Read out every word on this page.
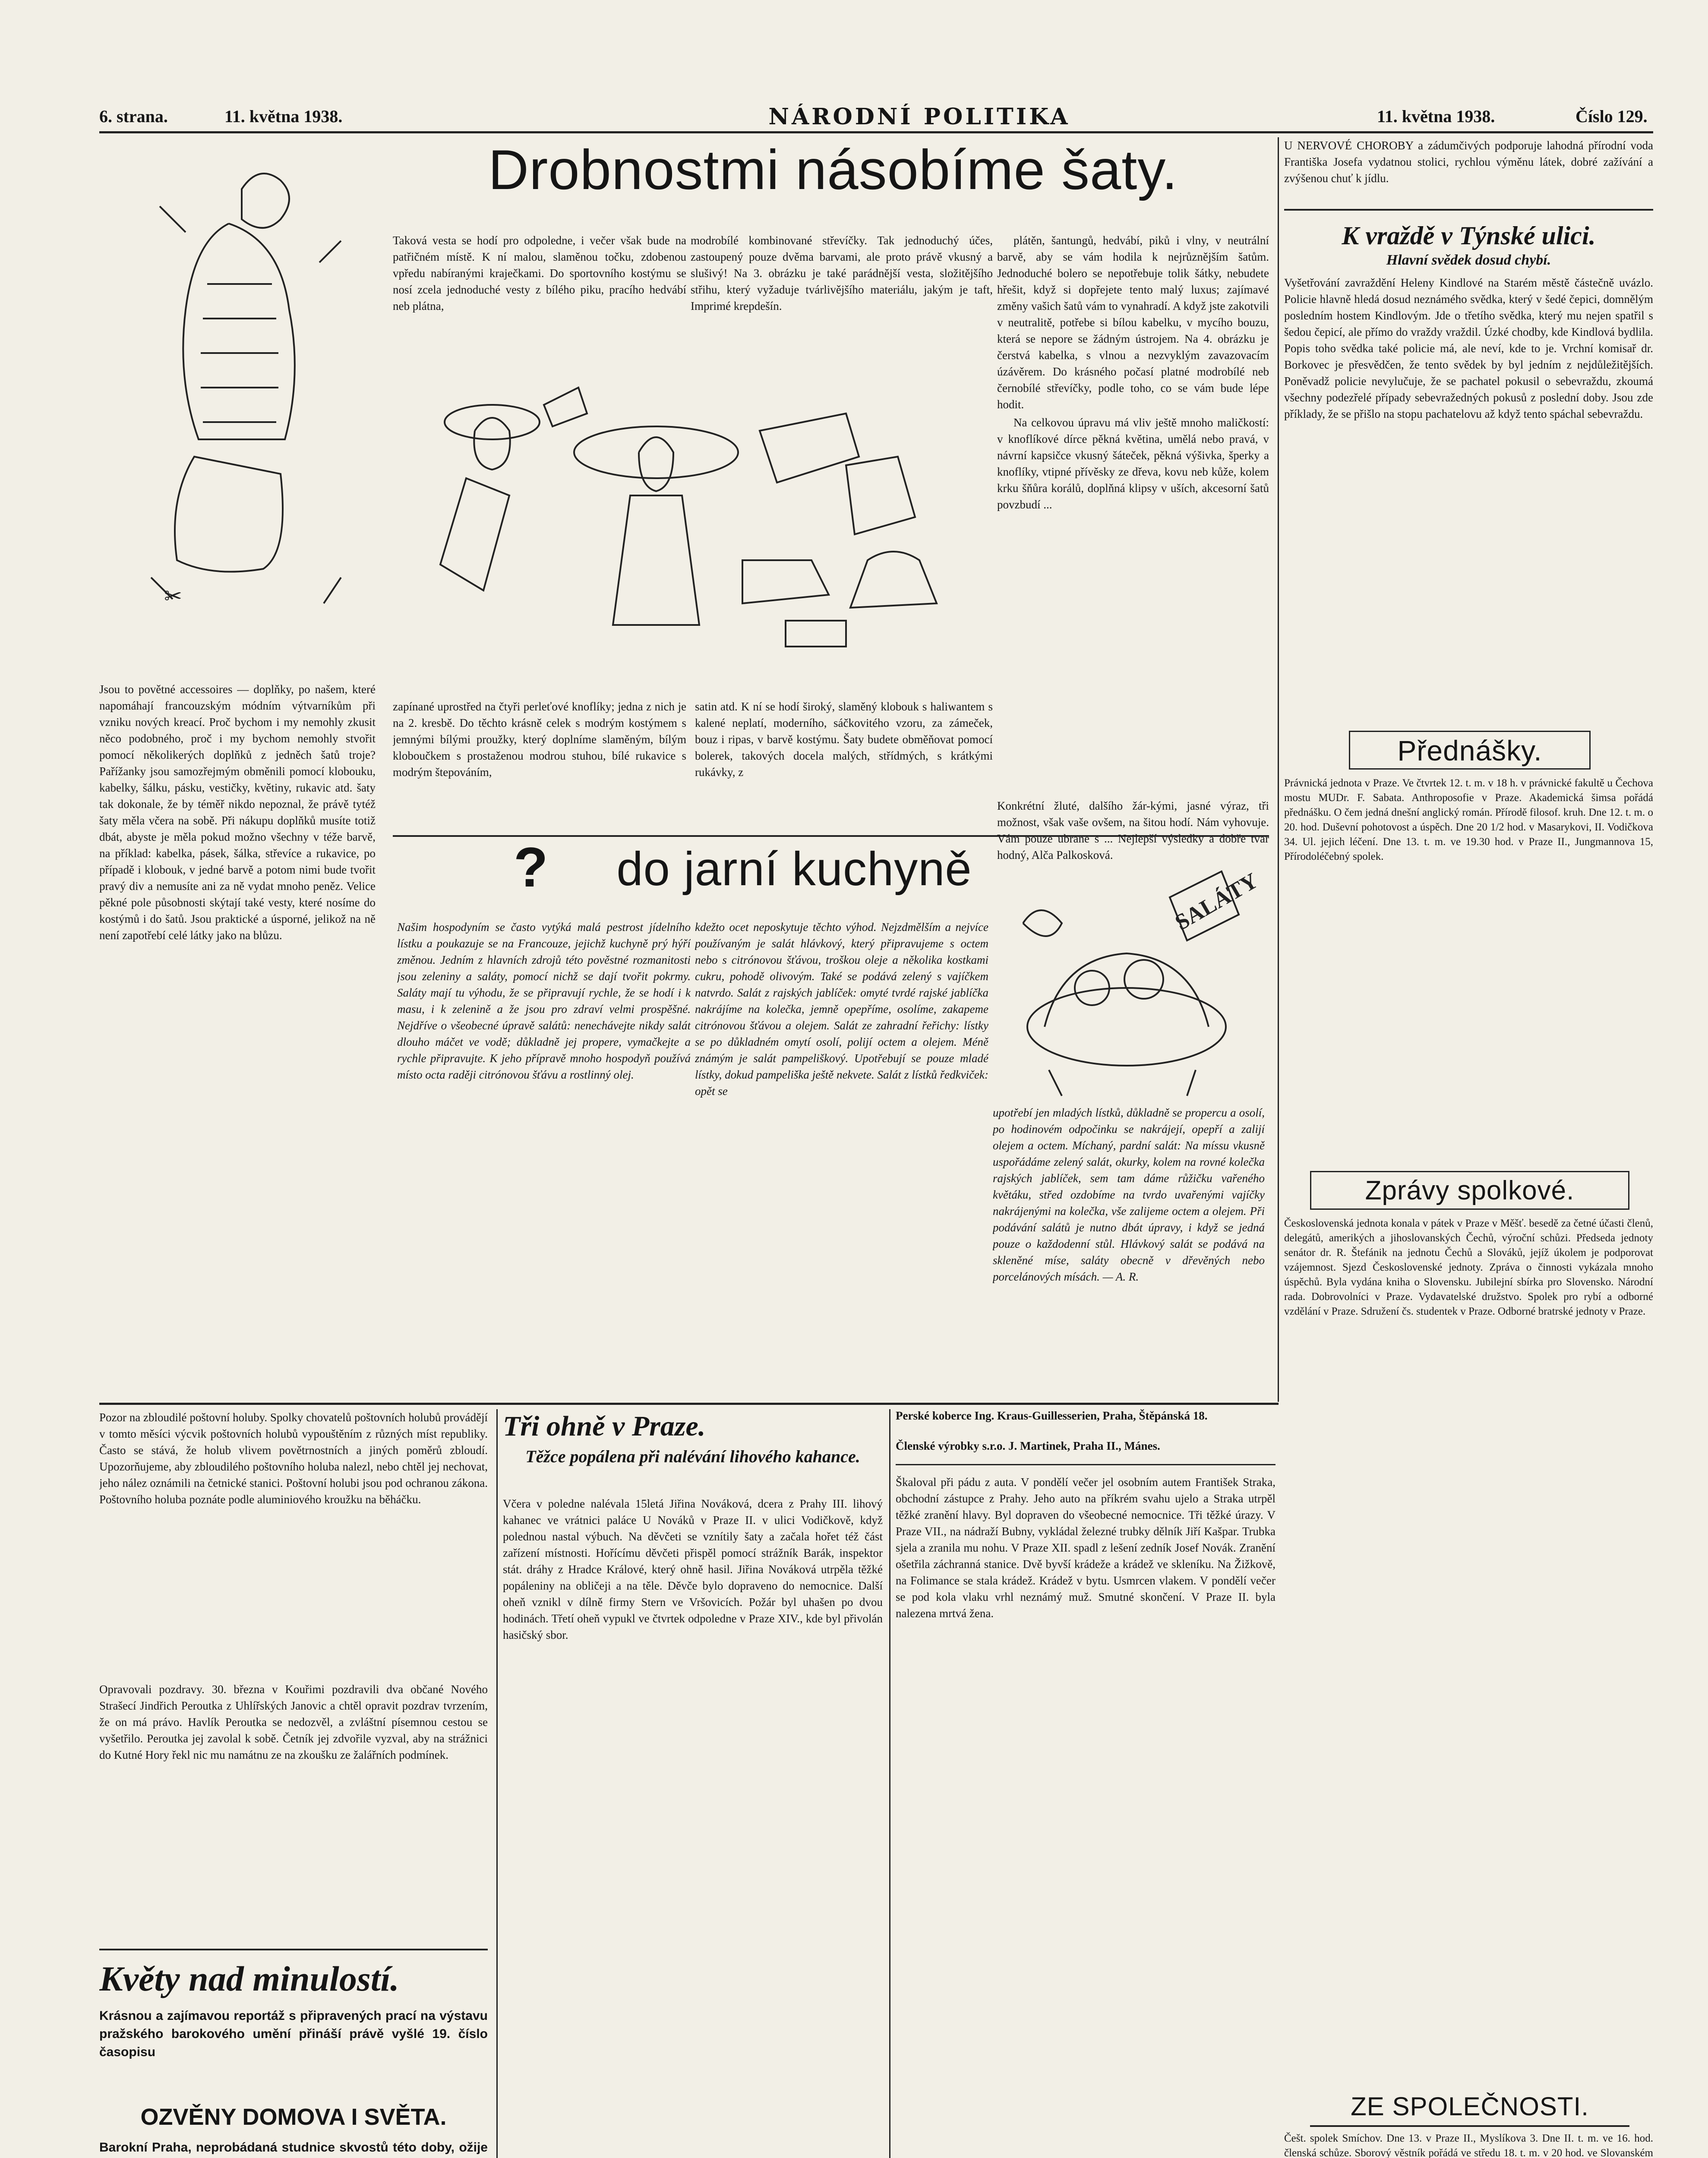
6. strana.	11. května 1938.	NÁRODNÍ POLITIKA	11. května 1938.	Číslo 129.
✂
Drobnostmi násobíme šaty.
Taková vesta se hodí pro odpoledne, i večer však bude na patřičném místě. K ní malou, slaměnou točku, zdobenou vpředu nabíranými kraječkami. Do sportovního kostýmu se nosí zcela jednoduché vesty z bílého piku, pracího hedvábí neb plátna,
modrobílé kombinované střevíčky. Tak jednoduchý účes, zastoupený pouze dvěma barvami, ale proto právě vkusný a slušivý! Na 3. obrázku je také parádnější vesta, složitějšího střihu, který vyžaduje tvárlivějšího materiálu, jakým je taft, Imprimé krepdešín.

plátěn, šantungů, hedvábí, piků i vlny, v neutrální barvě, aby se vám hodila k nejrůznějším šatům. Jednoduché bolero se nepotřebuje tolik šátky, nebudete hřešit, když si dopřejete tento malý luxus; zajímavé změny vašich šatů vám to vynahradí. A když jste zakotvili v neutralitě, potřebe si bílou kabelku, v mycího bouzu, která se nepore se žádným ústrojem. Na 4. obrázku je čerstvá kabelka, s vlnou a nezvyklým zavazovacím úzávěrem. Do krásného počasí platné modrobílé neb černobílé střevíčky, podle toho, co se vám bude lépe hodit.

Na celkovou úpravu má vliv ještě mnoho maličkostí: v knoflíkové dírce pěkná květina, umělá nebo pravá, v návrní kapsičce vkusný šáteček, pěkná výšivka, šperky a knoflíky, vtipné přívěsky ze dřeva, kovu neb kůže, kolem krku šňůra korálů, doplňná klipsy v uších, akcesorní šatů povzbudí ...

Jsou to povětné accessoires — doplňky, po našem, které napomáhají francouzským módním výtvarníkům při vzniku nových kreací. Proč bychom i my nemohly zkusit něco podobného, proč i my bychom nemohly stvořit pomocí několikerých doplňků z jedněch šatů troje? Pařížanky jsou samozřejmým obměnili pomocí klobouku, kabelky, šálku, pásku, vestičky, květiny, rukavic atd. šaty tak dokonale, že by téměř nikdo nepoznal, že právě tytéž šaty měla včera na sobě. Při nákupu doplňků musíte totiž dbát, abyste je měla pokud možno všechny v téže barvě, na příklad: kabelka, pásek, šálka, střevíce a rukavice, po případě i klobouk, v jedné barvě a potom nimi bude tvořit pravý div a nemusíte ani za ně vydat mnoho peněz. Velice pěkné pole působnosti skýtají také vesty, které nosíme do kostýmů i do šatů. Jsou praktické a úsporné, jelikož na ně není zapotřebí celé látky jako na blůzu.
zapínané uprostřed na čtyři perleťové knoflíky; jedna z nich je na 2. kresbě. Do těchto krásně celek s modrým kostýmem s jemnými bílými proužky, který doplníme slaměným, bílým kloboučkem s prostaženou modrou stuhou, bílé rukavice s modrým štepováním,
satin atd. K ní se hodí široký, slaměný klobouk s haliwantem s kalené neplatí, moderního, sáčkovitého vzoru, za zámeček, bouz i ripas, v barvě kostýmu. Šaty budete obměňovat pomocí bolerek, takových docela malých, střídmých, s krátkými rukávky, z
Konkrétní žluté, dalšího žár-kými, jasné výraz, tři možnost, však vaše ovšem, na šitou hodí. Nám vyhovuje. Vám pouze ubrane s ... Nejlepší výsledky a dobře tvar hodný, Alča Palkosková.
?	do jarní kuchyně	SALÁTY
Našim hospodyním se často vytýká malá pestrost jídelního lístku a poukazuje se na Francouze, jejichž kuchyně prý hýří změnou. Jedním z hlavních zdrojů této pověstné rozmanitosti jsou zeleniny a saláty, pomocí nichž se dají tvořit pokrmy. Saláty mají tu výhodu, že se připravují rychle, že se hodí i k masu, i k zelenině a že jsou pro zdraví velmi prospěšné. Nejdříve o všeobecné úpravě salátů: nenechávejte nikdy salát dlouho máčet ve vodě; důkladně jej propere, vymačkejte a rychle připravujte. K jeho přípravě mnoho hospodyň používá místo octa raději citrónovou šťávu a rostlinný olej.
kdežto ocet neposkytuje těchto výhod. Nejzdmělším a nejvíce používaným je salát hlávkový, který připravujeme s octem nebo s citrónovou šťávou, troškou oleje a několika kostkami cukru, pohodě olivovým. Také se podává zelený s vajíčkem natvrdo. Salát z rajských jablíček: omyté tvrdé rajské jablíčka nakrájíme na kolečka, jemně opepříme, osolíme, zakapeme citrónovou šťávou a olejem. Salát ze zahradní řeřichy: lístky se po důkladném omytí osolí, polijí octem a olejem. Méně známým je salát pampeliškový. Upotřebují se pouze mladé lístky, dokud pampeliška ještě nekvete. Salát z lístků ředkviček: opět se
upotřebí jen mladých lístků, důkladně se propercu a osolí, po hodinovém odpočinku se nakrájejí, opepří a zalijí olejem a octem. Míchaný, pardní salát: Na míssu vkusně uspořádáme zelený salát, okurky, kolem na rovné kolečka rajských jablíček, sem tam dáme růžičku vařeného květáku, střed ozdobíme na tvrdo uvařenými vajíčky nakrájenými na kolečka, vše zalijeme octem a olejem. Při podávání salátů je nutno dbát úpravy, i když se jedná pouze o každodenní stůl. Hlávkový salát se podává na skleněné míse, saláty obecně v dřevěných nebo porcelánových mísách. — A. R.
U NERVOVÉ CHOROBY a zádumčivých podporuje lahodná přírodní voda Františka Josefa vydatnou stolici, rychlou výměnu látek, dobré zažívání a zvýšenou chuť k jídlu.
K vraždě v Týnské ulici.
Hlavní svědek dosud chybí.
Vyšetřování zavraždění Heleny Kindlové na Starém městě částečně uvázlo. Policie hlavně hledá dosud neznámého svědka, který v šedé čepici, domnělým posledním hostem Kindlovým. Jde o třetího svědka, který mu nejen spatřil s šedou čepicí, ale přímo do vraždy vraždil. Úzké chodby, kde Kindlová bydlila. Popis toho svědka také policie má, ale neví, kde to je. Vrchní komisař dr. Borkovec je přesvědčen, že tento svědek by byl jedním z nejdůležitějších. Poněvadž policie nevylučuje, že se pachatel pokusil o sebevraždu, zkoumá všechny podezřelé případy sebevražedných pokusů z poslední doby. Jsou zde příklady, že se přišlo na stopu pachatelovu až když tento spáchal sebevraždu.
Přednášky.
Právnická jednota v Praze. Ve čtvrtek 12. t. m. v 18 h. v právnické fakultě u Čechova mostu MUDr. F. Sabata. Anthroposofie v Praze. Akademická šimsa pořádá přednášku. O čem jedná dnešní anglický román. Přírodě filosof. kruh. Dne 12. t. m. o 20. hod. Duševní pohotovost a úspěch. Dne 20 1/2 hod. v Masarykovi, II. Vodičkova 34. Ul. jejich léčení. Dne 13. t. m. ve 19.30 hod. v Praze II., Jungmannova 15, Přírodoléčebný spolek.
Zprávy spolkové.
Československá jednota konala v pátek v Praze v Měšť. besedě za četné účasti členů, delegátů, amerikých a jihoslovanských Čechů, výroční schůzi. Předseda jednoty senátor dr. R. Štefánik na jednotu Čechů a Slováků, jejíž úkolem je podporovat vzájemnost. Sjezd Československé jednoty. Zpráva o činnosti vykázala mnoho úspěchů. Byla vydána kniha o Slovensku. Jubilejní sbírka pro Slovensko. Národní rada. Dobrovolníci v Praze. Vydavatelské družstvo. Spolek pro rybí a odborné vzdělání v Praze. Sdružení čs. studentek v Praze. Odborné bratrské jednoty v Praze.
ZE SPOLEČNOSTI.
Češt. spolek Smíchov. Dne 13. v Praze II., Myslíkova 3. Dne II. t. m. ve 16. hod. členská schůze. Sborový věstník pořádá ve středu 18. t. m. v 20 hod. ve Slovanském
Pozor na zbloudilé poštovní holuby. Spolky chovatelů poštovních holubů provádějí v tomto měsíci výcvik poštovních holubů vypouštěním z různých míst republiky. Často se stává, že holub vlivem povětrnostních a jiných poměrů zbloudí. Upozorňujeme, aby zbloudilého poštovního holuba nalezl, nebo chtěl jej nechovat, jeho nález oznámili na četnické stanici. Poštovní holubi jsou pod ochranou zákona. Poštovního holuba poznáte podle aluminiového kroužku na běháčku.
Opravovali pozdravy. 30. března v Kouřimi pozdravili dva občané Nového Strašecí Jindřich Peroutka z Uhlířských Janovic a chtěl opravit pozdrav tvrzením, že on má právo. Havlík Peroutka se nedozvěl, a zvláštní písemnou cestou se vyšetřilo. Peroutka jej zavolal k sobě. Četník jej zdvořile vyzval, aby na strážnici do Kutné Hory řekl nic mu namátnu ze na zkoušku ze žalářních podmínek.
Květy nad minulostí.
Krásnou a zajímavou reportáž s připravených prací na výstavu pražského barokového umění přináší právě vyšlé 19. číslo časopisu
OZVĚNY DOMOVA I SVĚTA.
Barokní Praha, neprobádaná studnice skvostů této doby, ožije
Tři ohně v Praze.
Těžce popálena při nalévání lihového kahance.
Včera v poledne nalévala 15letá Jiřina Nováková, dcera z Prahy III. lihový kahanec ve vrátnici paláce U Nováků v Praze II. v ulici Vodičkově, když polednou nastal výbuch. Na děvčeti se vznítily šaty a začala hořet též část zařízení místnosti. Hořícímu děvčeti přispěl pomocí strážník Barák, inspektor stát. dráhy z Hradce Králové, který ohně hasil. Jiřina Nováková utrpěla těžké popáleniny na obličeji a na těle. Děvče bylo dopraveno do nemocnice. Další oheň vznikl v dílně firmy Stern ve Vršovicích. Požár byl uhašen po dvou hodinách. Třetí oheň vypukl ve čtvrtek odpoledne v Praze XIV., kde byl přivolán hasičský sbor.
Perské koberce Ing. Kraus-Guillesserien, Praha, Štěpánská 18.
Členské výrobky s.r.o. J. Martinek, Praha II., Mánes.
Škaloval při pádu z auta. V pondělí večer jel osobním autem František Straka, obchodní zástupce z Prahy. Jeho auto na příkrém svahu ujelo a Straka utrpěl těžké zranění hlavy. Byl dopraven do všeobecné nemocnice. Tři těžké úrazy. V Praze VII., na nádraží Bubny, vykládal železné trubky dělník Jiří Kašpar. Trubka sjela a zranila mu nohu. V Praze XII. spadl z lešení zedník Josef Novák. Zranění ošetřila záchranná stanice. Dvě byvší krádeže a krádež ve skleníku. Na Žižkově, na Folimance se stala krádež. Krádež v bytu. Usmrcen vlakem. V pondělí večer se pod kola vlaku vrhl neznámý muž. Smutné skončení. V Praze II. byla nalezena mrtvá žena.
